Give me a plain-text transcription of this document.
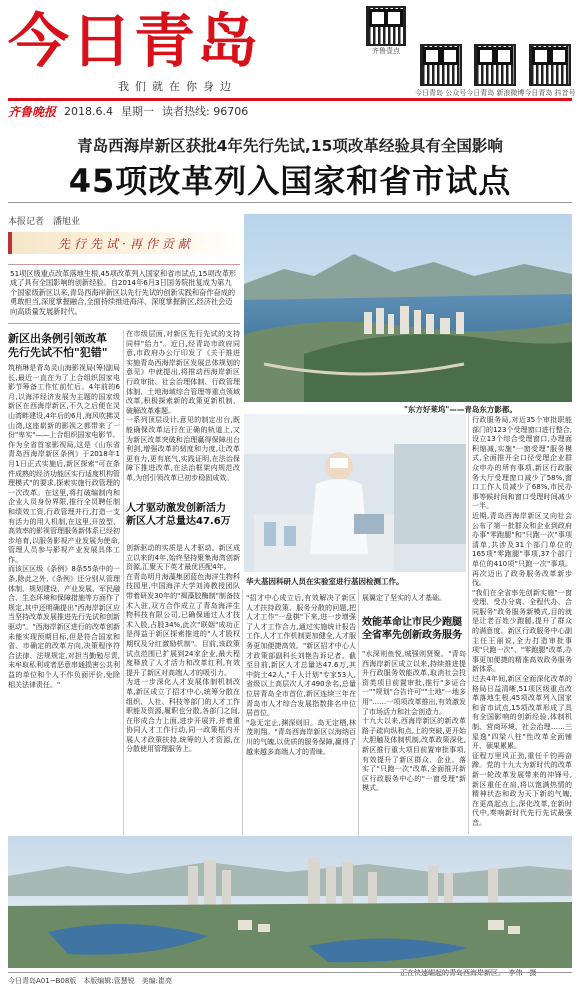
今日青岛
我们就在你身边
齐鲁壹点
今日青岛 公众号 今日青岛 新浪微博 今日青岛 抖音号
齐鲁晚报 2018.6.4 星期一 读者热线: 96706
青岛西海岸新区获批4年先行先试,15项改革经验具有全国影响
45项改革列入国家和省市试点
本报记者　潘旭业
先行先试·再作贡献
51项区级重点改革落地生根,45项改革列入国家和省市试点,15项改革形成了具有全国影响的创新经验。自2014年6月3日国务院批复成为第九个国家级新区以来,青岛西海岸新区以先行先试的创新实践和奋作奋成的勇敢担当,深度掌握融合,全面持续推进海洋、深度掌握新区,经济社会迈向高质量发展新时代。
"东方好莱坞"——青岛东方影都。
华大基因科研人员在实验室进行基因检测工作。
新区出条例引领改革
先行先试不怕"犯错"

筑梢琳是青岛灵山海影视局(筹)副局长,最近一直在为了上合组织国家电影节筹备工作忙前忙后。4年前的6月,以海洋经济发展为主题的国家级新区在西海岸新区,不久之后便在灵山湾畔建设,4年后的6月,海风吹拂灵山湾,这座崭新的影视之都带来了一份"卑实"——上合组织国家电影节。

作为全省首家影视局,这是《山东省青岛西海岸新区条例》于2018年1月1日正式实施后,新区探索"可在条件成熟的经济功能区实行适度机构管理模式"的要求,探索实施行政管理的一次改革。在这里,将打破编制内和企业人员身份界限,推行全员聘任制和绩效工资,行政管理并行,打造一支有活力的用人机制,在这里,开放型、高效率的影视管理服务新体系已经初步培育,以服务影视产业发展为使命,管理人员参与影视产业发展具体工作。

而该区区级《条例》8条55条中的一条,除此之外,《条例》还分别从管理体制、规划建设、产业发展、军民融合、生态环境和保障措施等方面作了规定,其中还明确提出"西海岸新区应当坚持改革发展推进先行先试和创新驱动"。"西海岸新区进行的改革创新未能实现预期目标,但是符合国家和省、市确定的改革方向,决策程序符合法律、法规规定,对担当勤勉尽责,未牟取私利或者恶意串通损害公共利益的单位和个人不作负面评价,免除相关法律责任。"

在市级层面,对新区先行先试的支持同样"给力"。近日,经青岛市政府同意,市政府办公厅印发了《关于推进实施青岛西海岸新区发展总体规划的意见》中就提出,将推动西海岸新区行政审批、社会治理体制、行政管理体制、土地海域综合管理等重点领域改革,积极探索新的政策更新机制、破解改革难题。

一系列顶层设计,意见的制定出台,既能确保改革运行在正确的轨道上,又为新区改革突破和治理赢得保障出台利剑,增强改革的韧度和力度,让改革更有力,更有底气,实践证明,在法治保障下推进改革,在法治框架内规范改革,为创引领改革已初步稳固成效。

人才驱动激发创新活力
新区人才总量达47.6万

创新驱动的实质是人才驱动。新区成立以来的4年,始终坚持聚集海湾创新资源,汇聚天下英才最优匹配4年。

在青岛明月海藻集团蓝色海洋生物科技园里,中国海洋大学刘涛教授团队带着研发30年的"褐藻胶酶制"制备技术入驻,双方合作成立了青岛海洋生物科技有限公司,已确保通过人才技术入股,占股34%,此次"联姻"成功正是得益于新区探索推进的"人才股权期权及分红激励机制"。目前,该政策试点范围已扩展到24家企业,最大程度释放了人才活力和改革红利,有效提升了新区对高端人才的吸引力。

为进一步深化人才发展体制机制改革,新区成立了招才中心,统筹分散在组织、人社、科技等部门的人才工作职能及资源,履职也分散,各部门之间,在形成合力上面,进步开展并,并着重协同人才工作行动,同一政策框内开展人才政策扶持,统筹的人才资源,在分散使用管理服务上。

"招才中心成立后,有效解决了新区人才扶持政策、服务分散的问题,把人才工作"一盘棋"下来,进一步增强了人才工作合力,通过实施统计报告工作,人才工作机制更加健全,人才服务更加便捷高效。"新区招才中心人才政策部副科长刘艳告诉记者。截至目前,新区人才总量达47.6万,其中院士42人,"千人计划"专家53人,省级以上高层次人才490余名,总量位居青岛全市首位,新区连续三年在青岛市人才综合发展指数排名中位居首位。

"急无定止,渊深则旧。岛无定栖,林茂则翔。"青岛西海岸新区以海纳百川的气魄,以优质的服务保障,赢得了越来越多高端人才的青睐。

展翼定了坚实的人才基础。

效能革命让市民少跑腿
全省率先创新政务服务

"水深则鱼悦,城强则贤聚。"青岛西海岸新区成立以来,持续推进提升行政服务效能改革,取消社会投资类项目前置审批,推行"多证合一""规划"合告许可""土地"一地多用"……一项项改革推出,有效激发了市场活力和社会创造力。

十九大以来,西海岸新区的新改革路子疏向纵和点,上的突破,更开始大胆触及体制机制,改革政策深化,新区推行重大项目前置审批事项,有效提升了新区群众、企业。落实了"只跑一次"改革,全面推开新区行政服务中心的"一窗受理"新模式。

行政服务局,对近35个审批职能部门的123个受理窗口进行整合,设立13个综合受理窗口,办理面积缩减,实施"一窗受理"服务模式,全面推开全口径受理企业群众申办的所有事项,新区行政服务大厅受理窗口减少了58%,窗口工作人员减少了68%,市民办事等候时间和窗口受理时间减少一半。

近期,青岛西海岸新区又向社会公布了第一批群众和企业到政府办事"零跑腿"和"只跑一次"事项清单,共涉及31个部门单位的165项"零跑腿"事项,37个部门单位的410项"只跑一次"事项。再次迈出了政务服务改革新步伐。

"我们在全省率先创新实施"一窗受理、受办分离、全程代办、合同服务"政务服务新模式,目的就是让老百姓少跑腿,提升了群众的满意度。新区行政服务中心副主任王丽说,全力打造审批事项"只跑一次"、"零跑腿"改革,办事更加便捷的精准高效政务服务新体系。

过去4年间,新区全面深化改革的格局日益清晰,51项区级重点改革落地生根,45项改革列入国家和省市试点,15项改革形成了具有全国影响的创新经验,体制机制、营商环境、社会治理……三星逸"四梁八柱"性改革全面铺开、硕果累累。

征程万里风正劲,重任千钧再奋蹄。党的十九大为新时代的改革新一轮改革发展带来的冲锋号,新区重任在肩,将以饱满热情的精神状态和政为天下新的气魄,在更高起点上,深化改革,在新时代中,奏响新时代先行先试最强音。

正在快速崛起的青岛西海岸新区。　李伟　摄
今日青岛A01~B08版　本版编辑:管慧锐　美编:崔亮
